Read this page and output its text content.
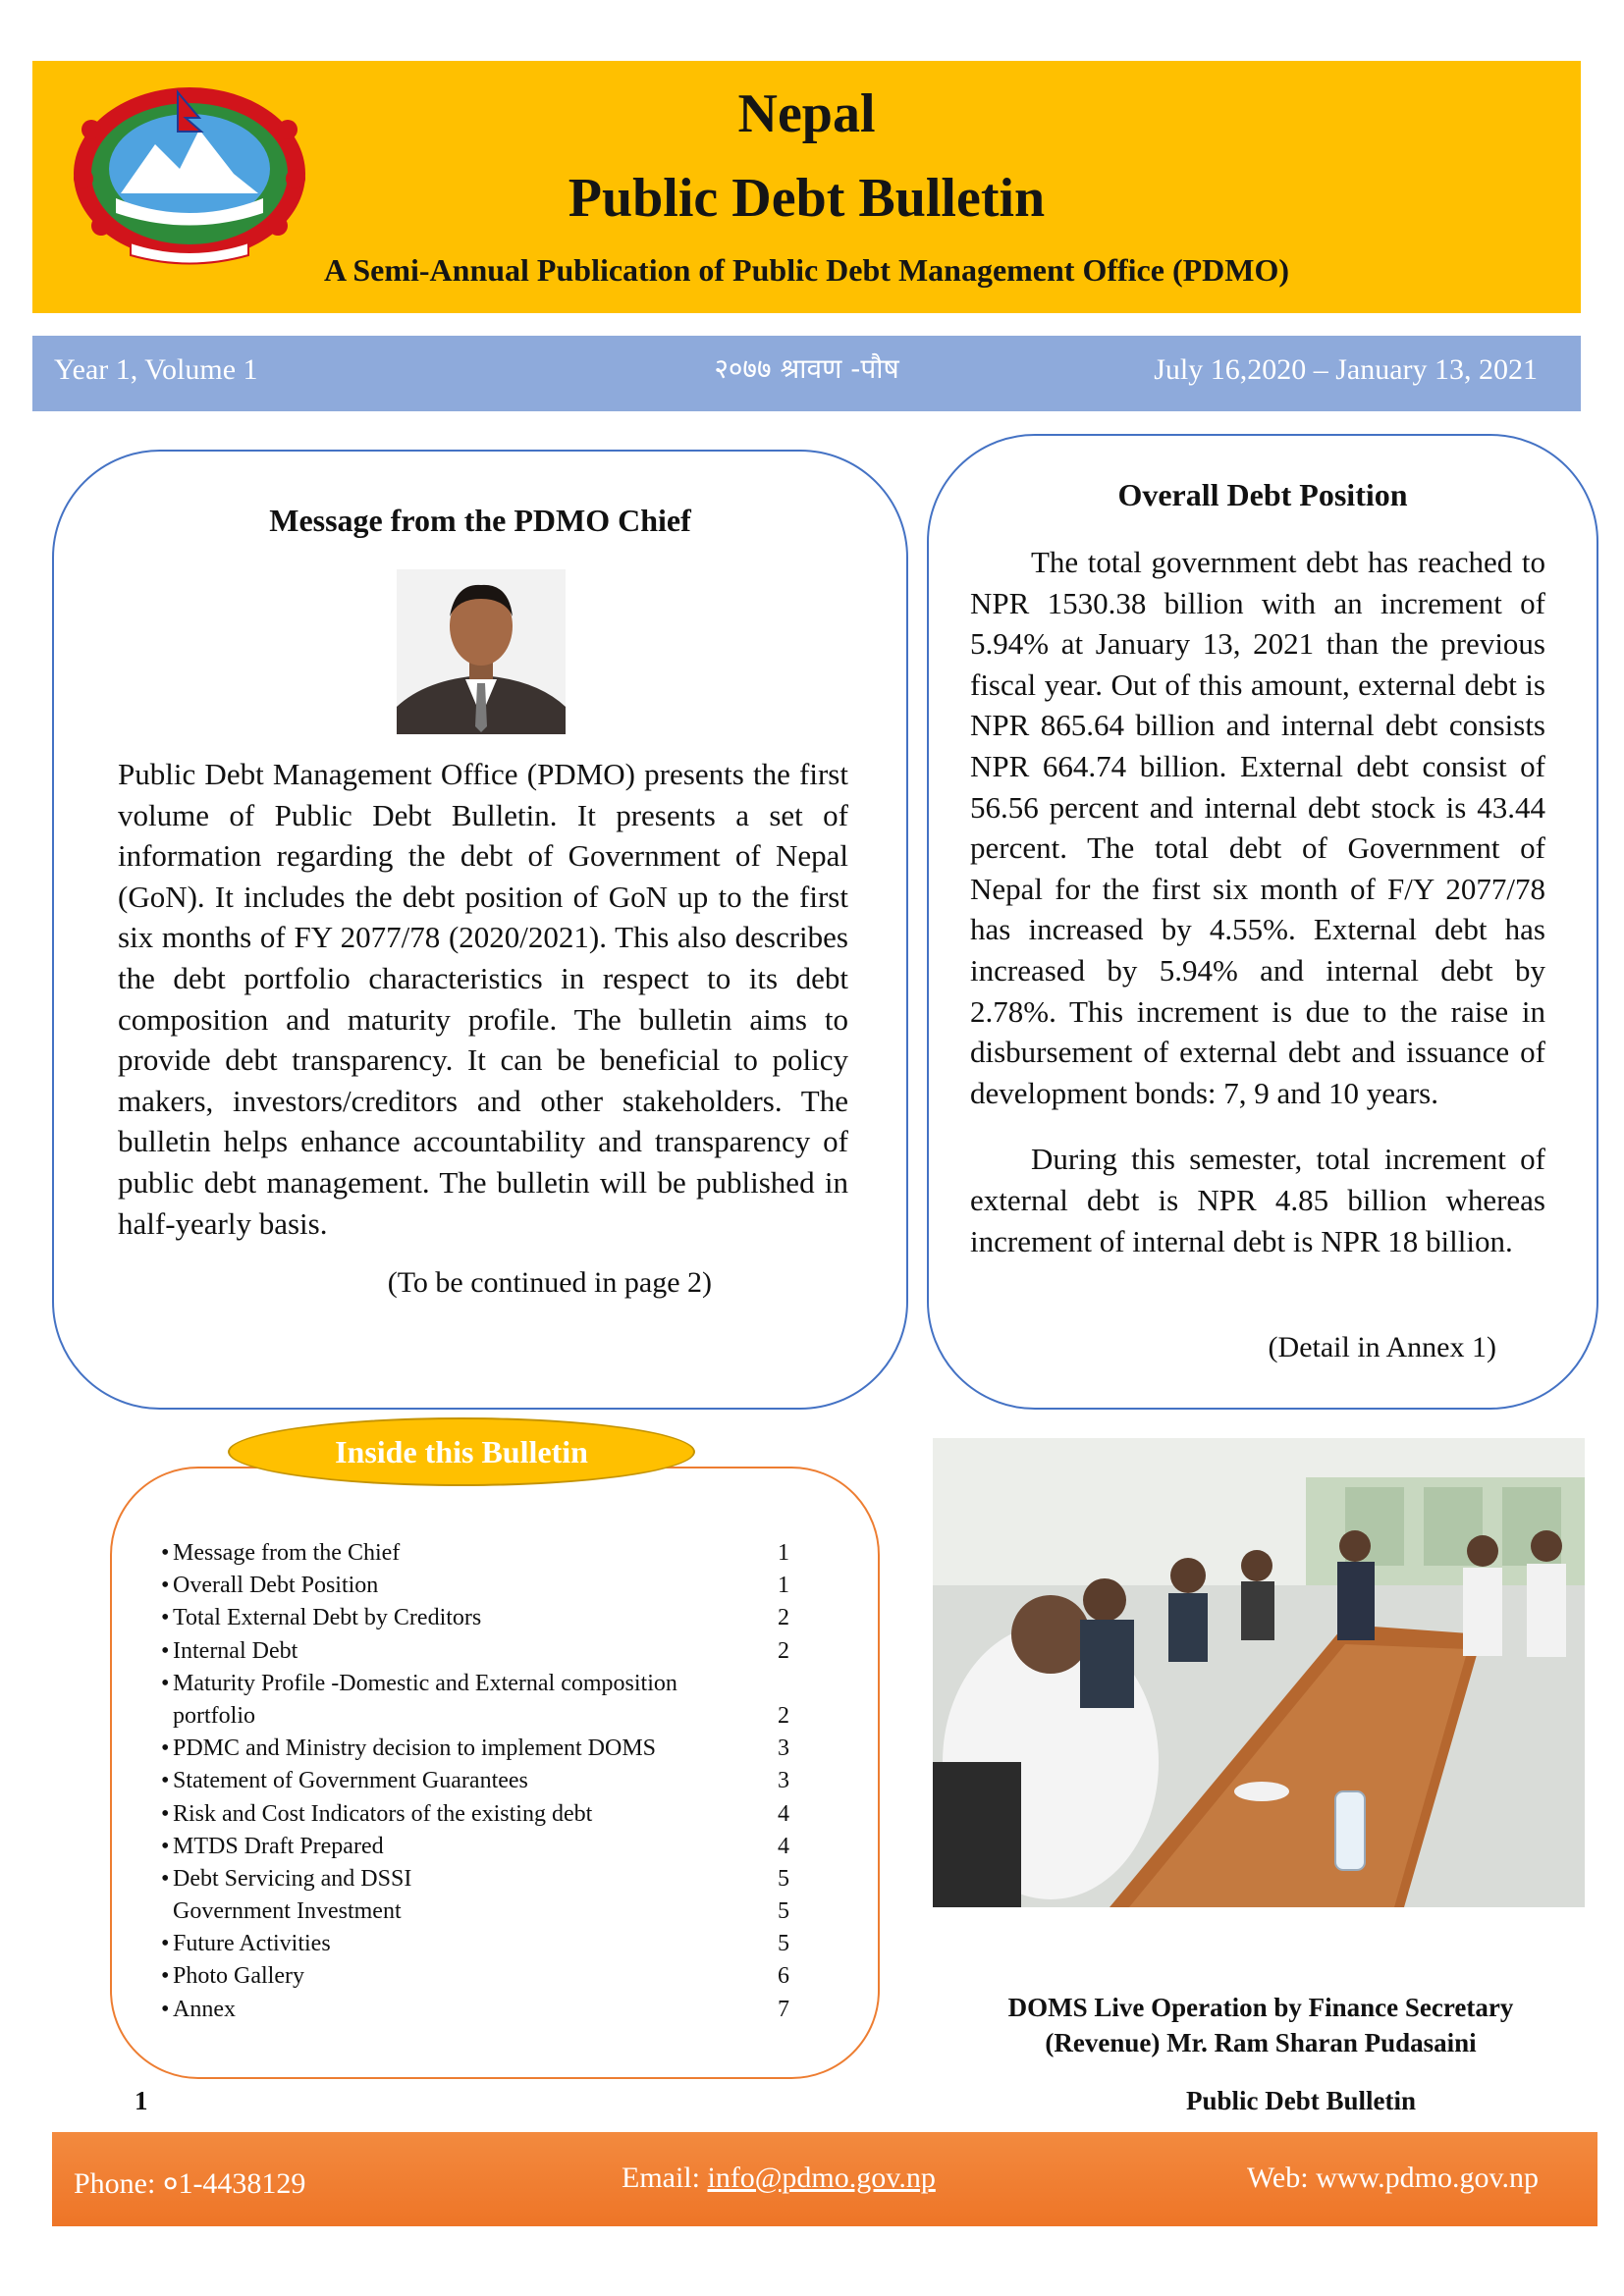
Nepal
Public Debt Bulletin
A Semi-Annual Publication of Public Debt Management Office (PDMO)
Year 1, Volume 1	२०७७ श्रावण -पौष	July 16,2020 – January 13, 2021
Message from the PDMO Chief

Public Debt Management Office (PDMO) presents the first volume of Public Debt Bulletin. It presents a set of information regarding the debt of Government of Nepal (GoN). It includes the debt position of GoN up to the first six months of FY 2077/78 (2020/2021). This also describes the debt portfolio characteristics in respect to its debt composition and maturity profile. The bulletin aims to provide debt transparency. It can be beneficial to policy makers, investors/creditors and other stakeholders. The bulletin helps enhance accountability and transparency of public debt management. The bulletin will be published in half-yearly basis.

(To be continued in page 2)
Overall Debt Position

The total government debt has reached to NPR 1530.38 billion with an increment of 5.94% at January 13, 2021 than the previous fiscal year. Out of this amount, external debt is NPR 865.64 billion and internal debt consists NPR 664.74 billion. External debt consist of 56.56 percent and internal debt stock is 43.44 percent. The total debt of Government of Nepal for the first six month of F/Y 2077/78 has increased by 4.55%. External debt has increased by 5.94% and internal debt by 2.78%. This increment is due to the raise in disbursement of external debt and issuance of development bonds: 7, 9 and 10 years.

During this semester, total increment of external debt is NPR 4.85 billion whereas increment of internal debt is NPR 18 billion.

(Detail in Annex 1)
• Message from the Chief	1
• Overall Debt Position	1
• Total External Debt by Creditors	2
• Internal Debt	2
• Maturity Profile -Domestic and External composition
portfolio	2
• PDMC and Ministry decision to implement DOMS	3
• Statement of Government Guarantees	3
• Risk and Cost Indicators of the existing debt	4
• MTDS Draft Prepared	4
• Debt Servicing and DSSI	5
Government Investment	5
• Future Activities	5
• Photo Gallery	6
• Annex	7
Inside this Bulletin
DOMS Live Operation by Finance Secretary
(Revenue) Mr. Ram Sharan Pudasaini
1	Public Debt Bulletin
Phone: ०1-4438129	Email: info@pdmo.gov.np	Web: www.pdmo.gov.np
